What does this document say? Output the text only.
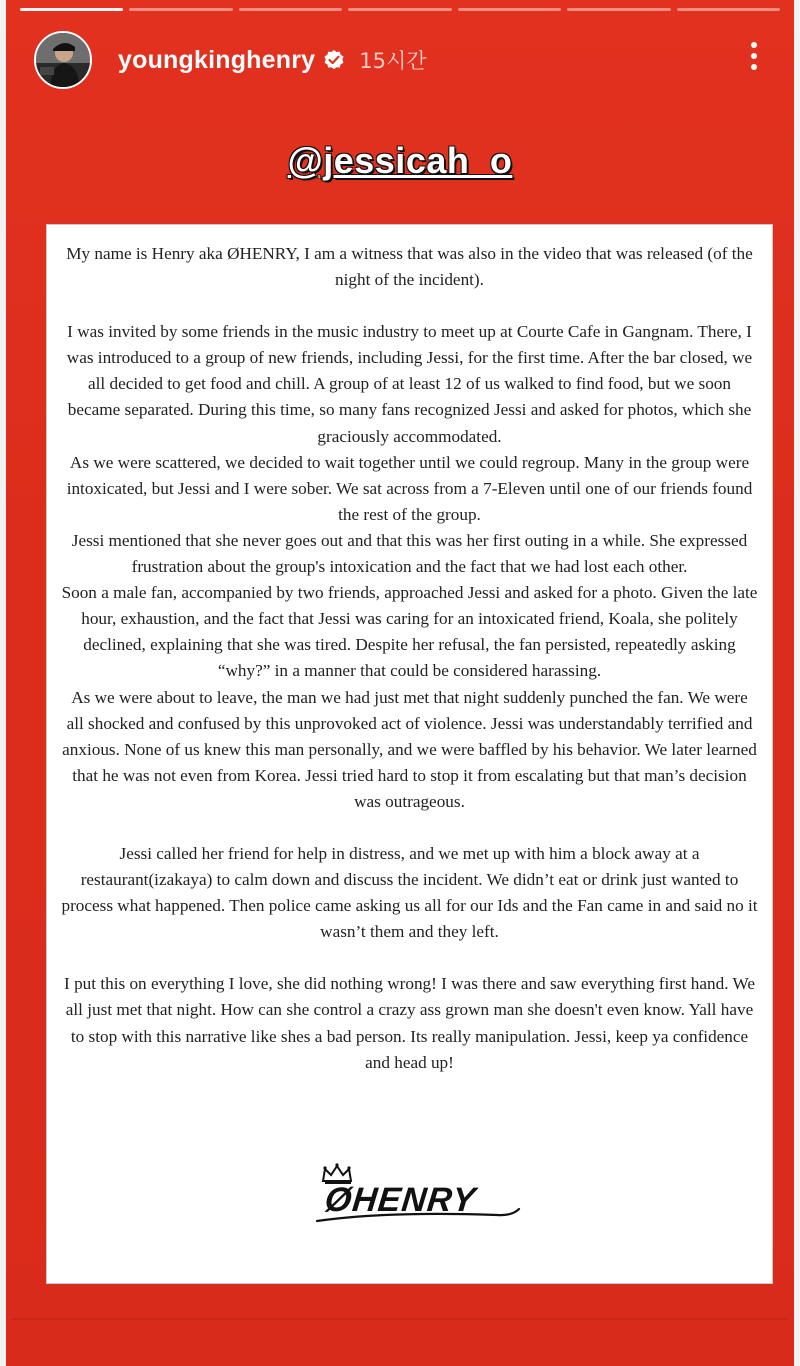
youngkinghenry 15시간
@jessicah_o

My name is Henry aka ØHENRY, I am a witness that was also in the video that was released (of the night of the incident).

I was invited by some friends in the music industry to meet up at Courte Cafe in Gangnam. There, I was introduced to a group of new friends, including Jessi, for the first time. After the bar closed, we all decided to get food and chill. A group of at least 12 of us walked to find food, but we soon became separated. During this time, so many fans recognized Jessi and asked for photos, which she graciously accommodated.

As we were scattered, we decided to wait together until we could regroup. Many in the group were intoxicated, but Jessi and I were sober. We sat across from a 7-Eleven until one of our friends found the rest of the group.

Jessi mentioned that she never goes out and that this was her first outing in a while. She expressed frustration about the group's intoxication and the fact that we had lost each other.

Soon a male fan, accompanied by two friends, approached Jessi and asked for a photo. Given the late hour, exhaustion, and the fact that Jessi was caring for an intoxicated friend, Koala, she politely declined, explaining that she was tired. Despite her refusal, the fan persisted, repeatedly asking “why?” in a manner that could be considered harassing.

As we were about to leave, the man we had just met that night suddenly punched the fan. We were all shocked and confused by this unprovoked act of violence. Jessi was understandably terrified and anxious. None of us knew this man personally, and we were baffled by his behavior. We later learned that he was not even from Korea. Jessi tried hard to stop it from escalating but that man’s decision was outrageous.

Jessi called her friend for help in distress, and we met up with him a block away at a restaurant(izakaya) to calm down and discuss the incident. We didn’t eat or drink just wanted to process what happened. Then police came asking us all for our Ids and the Fan came in and said no it wasn’t them and they left.

I put this on everything I love, she did nothing wrong! I was there and saw everything first hand. We all just met that night. How can she control a crazy ass grown man she doesn't even know. Yall have to stop with this narrative like shes a bad person. Its really manipulation. Jessi, keep ya confidence and head up!

ØHENRY
